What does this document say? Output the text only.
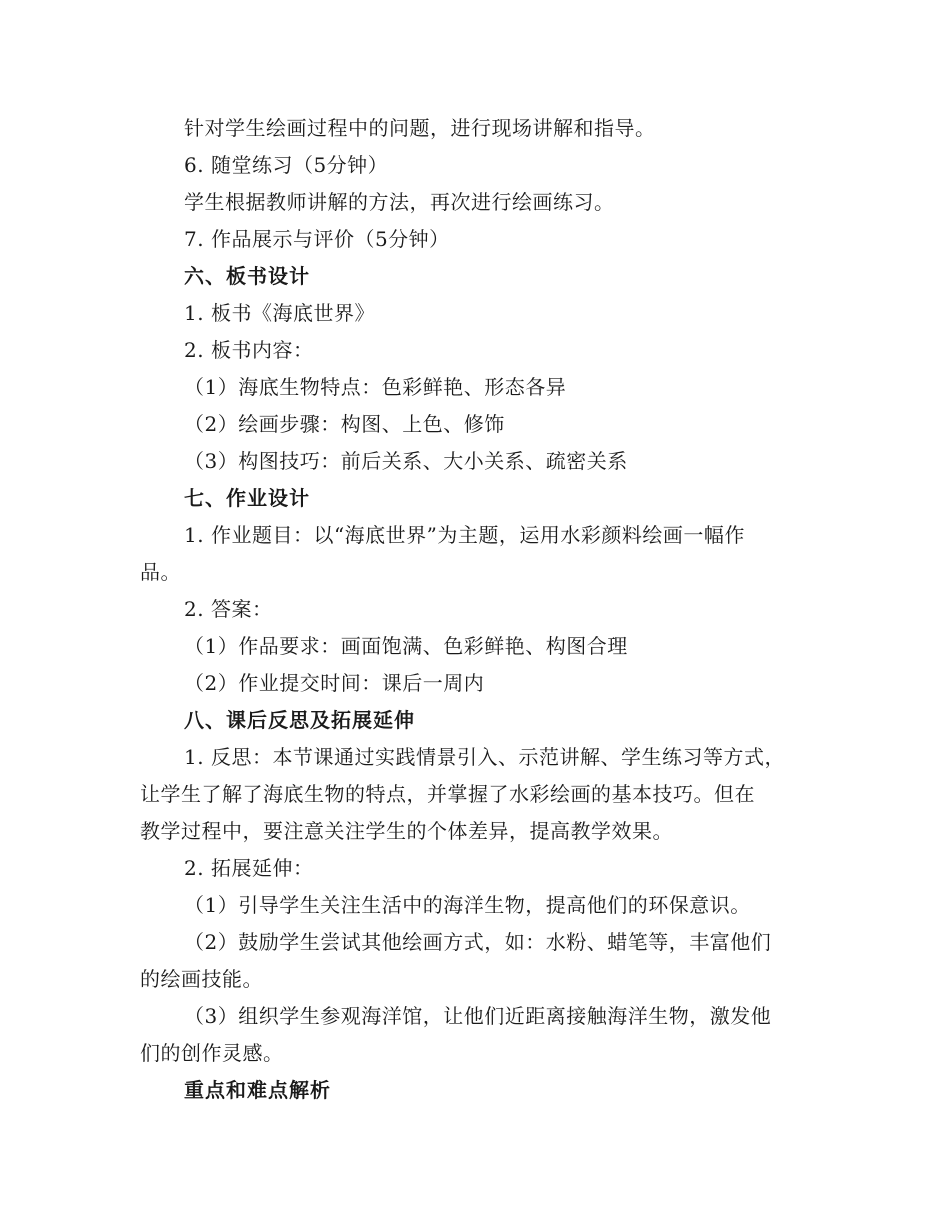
针对学生绘画过程中的问题，进行现场讲解和指导。
6. 随堂练习（5分钟）
学生根据教师讲解的方法，再次进行绘画练习。
7. 作品展示与评价（5分钟）
六、板书设计
1. 板书《海底世界》
2. 板书内容：
（1）海底生物特点：色彩鲜艳、形态各异
（2）绘画步骤：构图、上色、修饰
（3）构图技巧：前后关系、大小关系、疏密关系
七、作业设计
1. 作业题目：以“海底世界”为主题，运用水彩颜料绘画一幅作
品。
2. 答案：
（1）作品要求：画面饱满、色彩鲜艳、构图合理
（2）作业提交时间：课后一周内
八、课后反思及拓展延伸
1. 反思：本节课通过实践情景引入、示范讲解、学生练习等方式，
让学生了解了海底生物的特点，并掌握了水彩绘画的基本技巧。但在
教学过程中，要注意关注学生的个体差异，提高教学效果。
2. 拓展延伸：
（1）引导学生关注生活中的海洋生物，提高他们的环保意识。
（2）鼓励学生尝试其他绘画方式，如：水粉、蜡笔等，丰富他们
的绘画技能。
（3）组织学生参观海洋馆，让他们近距离接触海洋生物，激发他
们的创作灵感。
重点和难点解析
